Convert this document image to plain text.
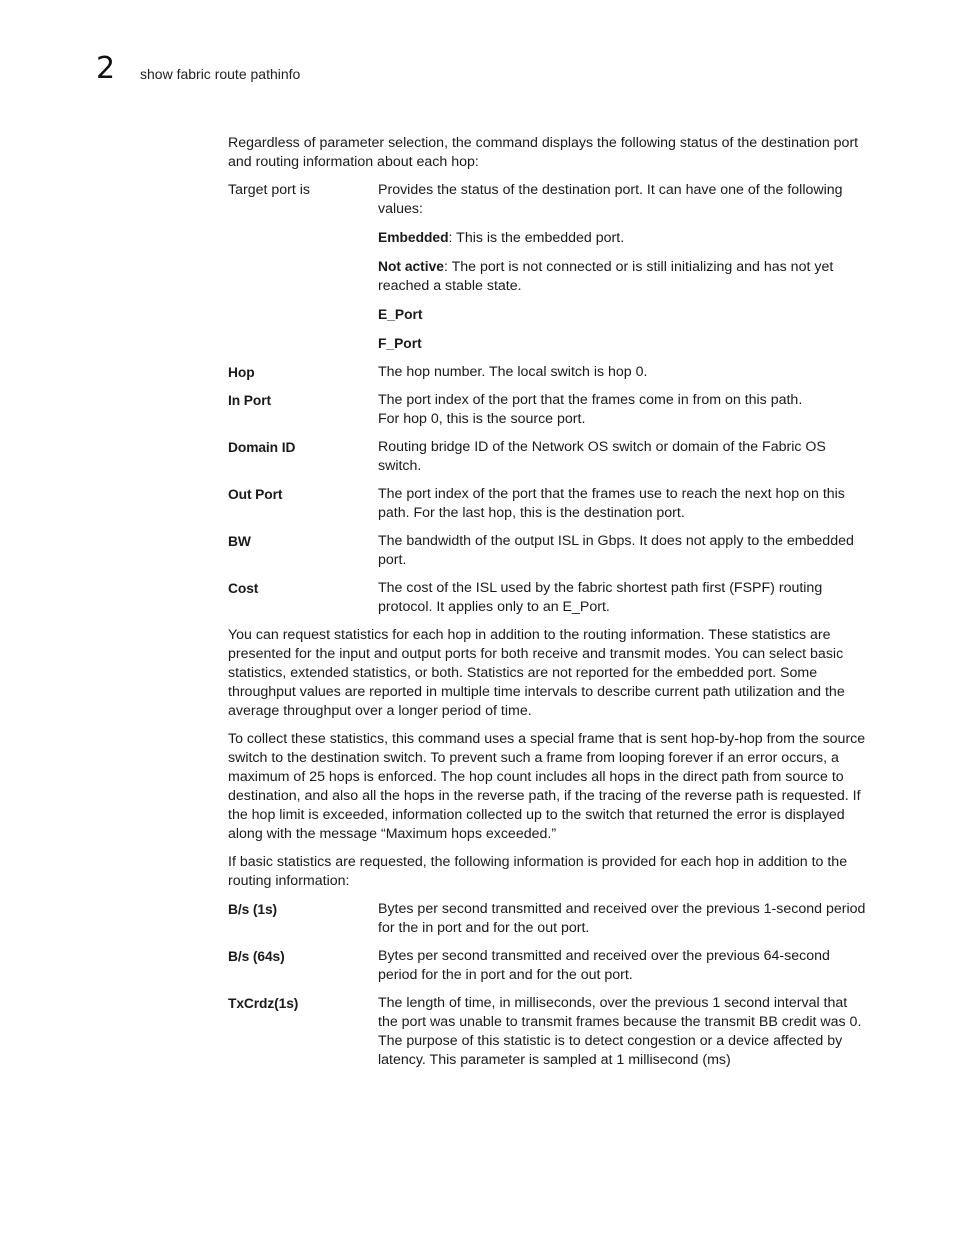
2 show fabric route pathinfo

Regardless of parameter selection, the command displays the following status of the destination port and routing information about each hop:

Target port is	Provides the status of the destination port. It can have one of the following values:

Embedded: This is the embedded port.

Not active: The port is not connected or is still initializing and has not yet reached a stable state.

E_Port

F_Port

Hop	The hop number. The local switch is hop 0.
In Port	The port index of the port that the frames come in from on this path.
For hop 0, this is the source port.
Domain ID	Routing bridge ID of the Network OS switch or domain of the Fabric OS switch.
Out Port	The port index of the port that the frames use to reach the next hop on this path. For the last hop, this is the destination port.
BW	The bandwidth of the output ISL in Gbps. It does not apply to the embedded port.
Cost	The cost of the ISL used by the fabric shortest path first (FSPF) routing protocol. It applies only to an E_Port.

You can request statistics for each hop in addition to the routing information. These statistics are presented for the input and output ports for both receive and transmit modes. You can select basic statistics, extended statistics, or both. Statistics are not reported for the embedded port. Some throughput values are reported in multiple time intervals to describe current path utilization and the average throughput over a longer period of time.

To collect these statistics, this command uses a special frame that is sent hop-by-hop from the source switch to the destination switch. To prevent such a frame from looping forever if an error occurs, a maximum of 25 hops is enforced. The hop count includes all hops in the direct path from source to destination, and also all the hops in the reverse path, if the tracing of the reverse path is requested. If the hop limit is exceeded, information collected up to the switch that returned the error is displayed along with the message “Maximum hops exceeded.”

If basic statistics are requested, the following information is provided for each hop in addition to the routing information:

B/s (1s)	Bytes per second transmitted and received over the previous 1-second period for the in port and for the out port.
B/s (64s)	Bytes per second transmitted and received over the previous 64-second period for the in port and for the out port.
TxCrdz(1s)	The length of time, in milliseconds, over the previous 1 second interval that the port was unable to transmit frames because the transmit BB credit was 0. The purpose of this statistic is to detect congestion or a device affected by latency. This parameter is sampled at 1 millisecond (ms)
